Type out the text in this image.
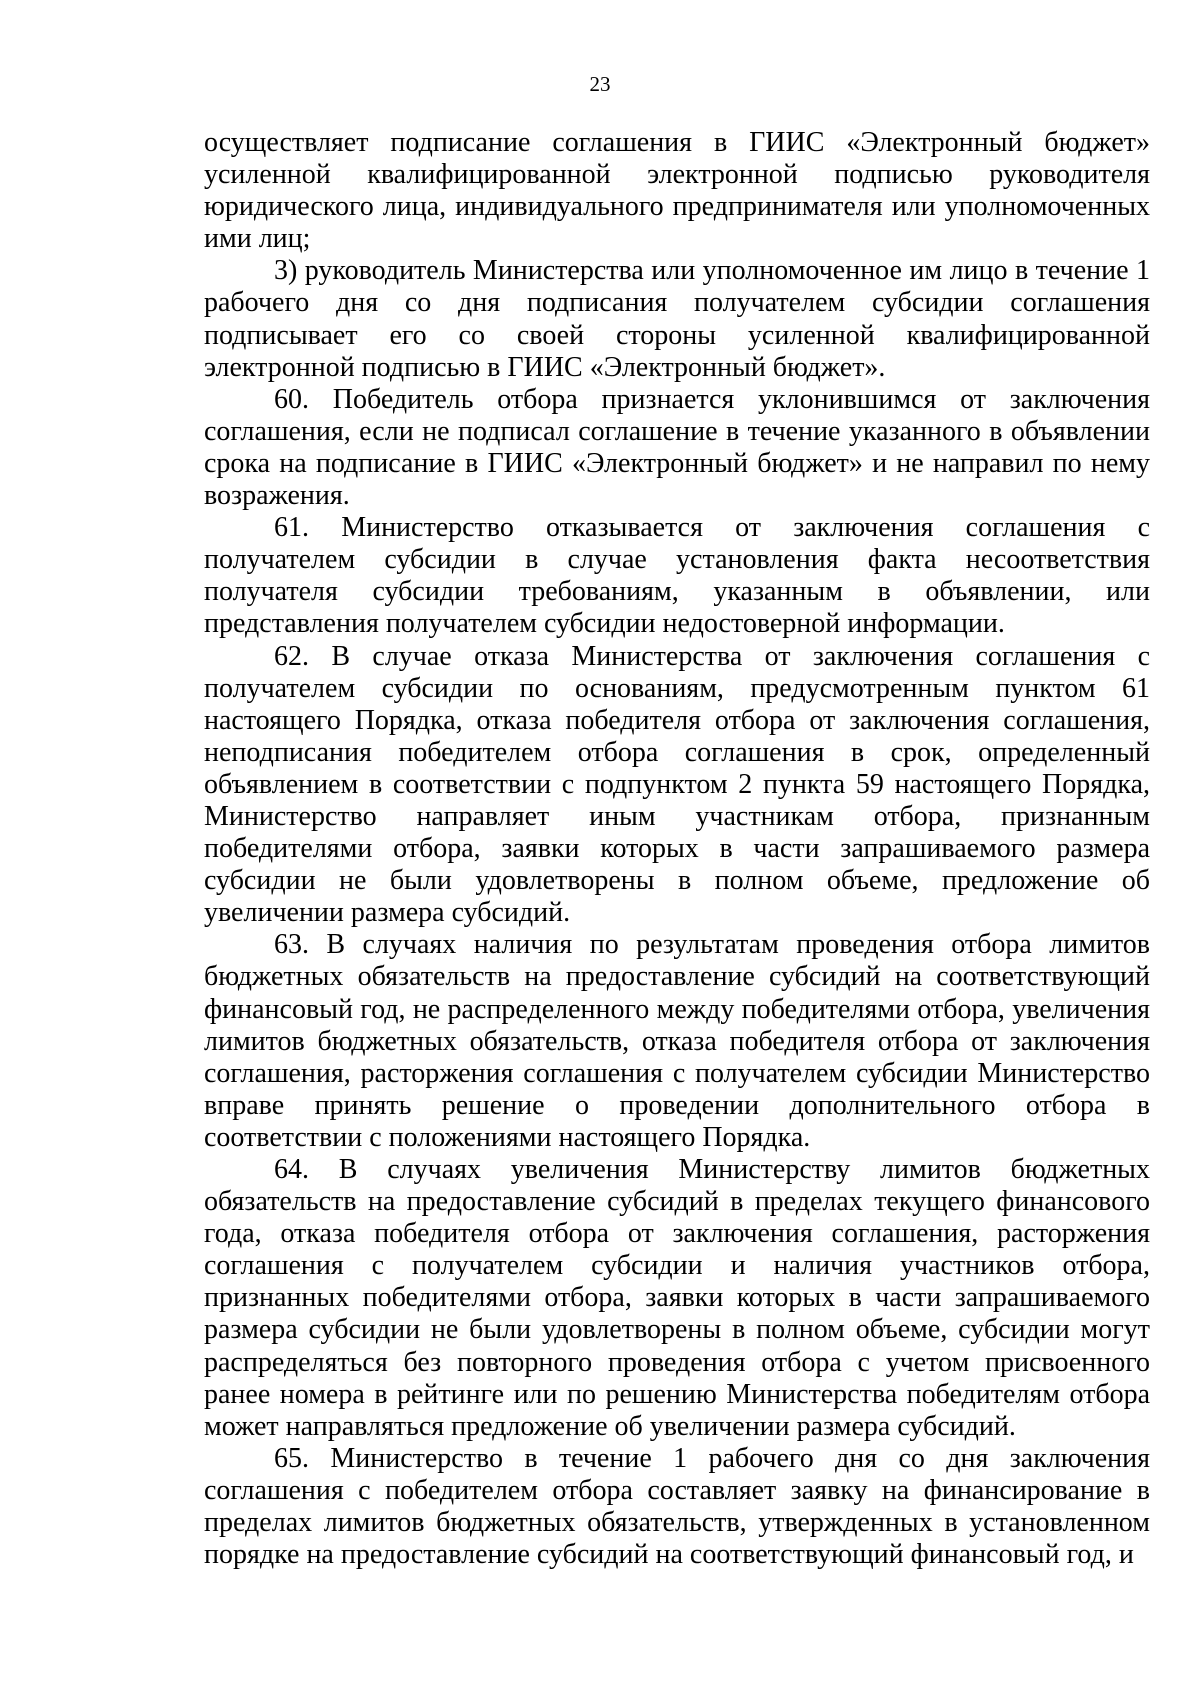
23

осуществляет подписание соглашения в ГИИС «Электронный бюджет» усиленной квалифицированной электронной подписью руководителя юридического лица, индивидуального предпринимателя или уполномоченных ими лиц;

3) руководитель Министерства или уполномоченное им лицо в течение 1 рабочего дня со дня подписания получателем субсидии соглашения подписывает его со своей стороны усиленной квалифицированной электронной подписью в ГИИС «Электронный бюджет».

60. Победитель отбора признается уклонившимся от заключения соглашения, если не подписал соглашение в течение указанного в объявлении срока на подписание в ГИИС «Электронный бюджет» и не направил по нему возражения.

61. Министерство отказывается от заключения соглашения с получателем субсидии в случае установления факта несоответствия получателя субсидии требованиям, указанным в объявлении, или представления получателем субсидии недостоверной информации.

62. В случае отказа Министерства от заключения соглашения с получателем субсидии по основаниям, предусмотренным пунктом 61 настоящего Порядка, отказа победителя отбора от заключения соглашения, неподписания победителем отбора соглашения в срок, определенный объявлением в соответствии с подпунктом 2 пункта 59 настоящего Порядка, Министерство направляет иным участникам отбора, признанным победителями отбора, заявки которых в части запрашиваемого размера субсидии не были удовлетворены в полном объеме, предложение об увеличении размера субсидий.

63. В случаях наличия по результатам проведения отбора лимитов бюджетных обязательств на предоставление субсидий на соответствующий финансовый год, не распределенного между победителями отбора, увеличения лимитов бюджетных обязательств, отказа победителя отбора от заключения соглашения, расторжения соглашения с получателем субсидии Министерство вправе принять решение о проведении дополнительного отбора в соответствии с положениями настоящего Порядка.

64. В случаях увеличения Министерству лимитов бюджетных обязательств на предоставление субсидий в пределах текущего финансового года, отказа победителя отбора от заключения соглашения, расторжения соглашения с получателем субсидии и наличия участников отбора, признанных победителями отбора, заявки которых в части запрашиваемого размера субсидии не были удовлетворены в полном объеме, субсидии могут распределяться без повторного проведения отбора с учетом присвоенного ранее номера в рейтинге или по решению Министерства победителям отбора может направляться предложение об увеличении размера субсидий.

65. Министерство в течение 1 рабочего дня со дня заключения соглашения с победителем отбора составляет заявку на финансирование в пределах лимитов бюджетных обязательств, утвержденных в установленном порядке на предоставление субсидий на соответствующий финансовый год, и
